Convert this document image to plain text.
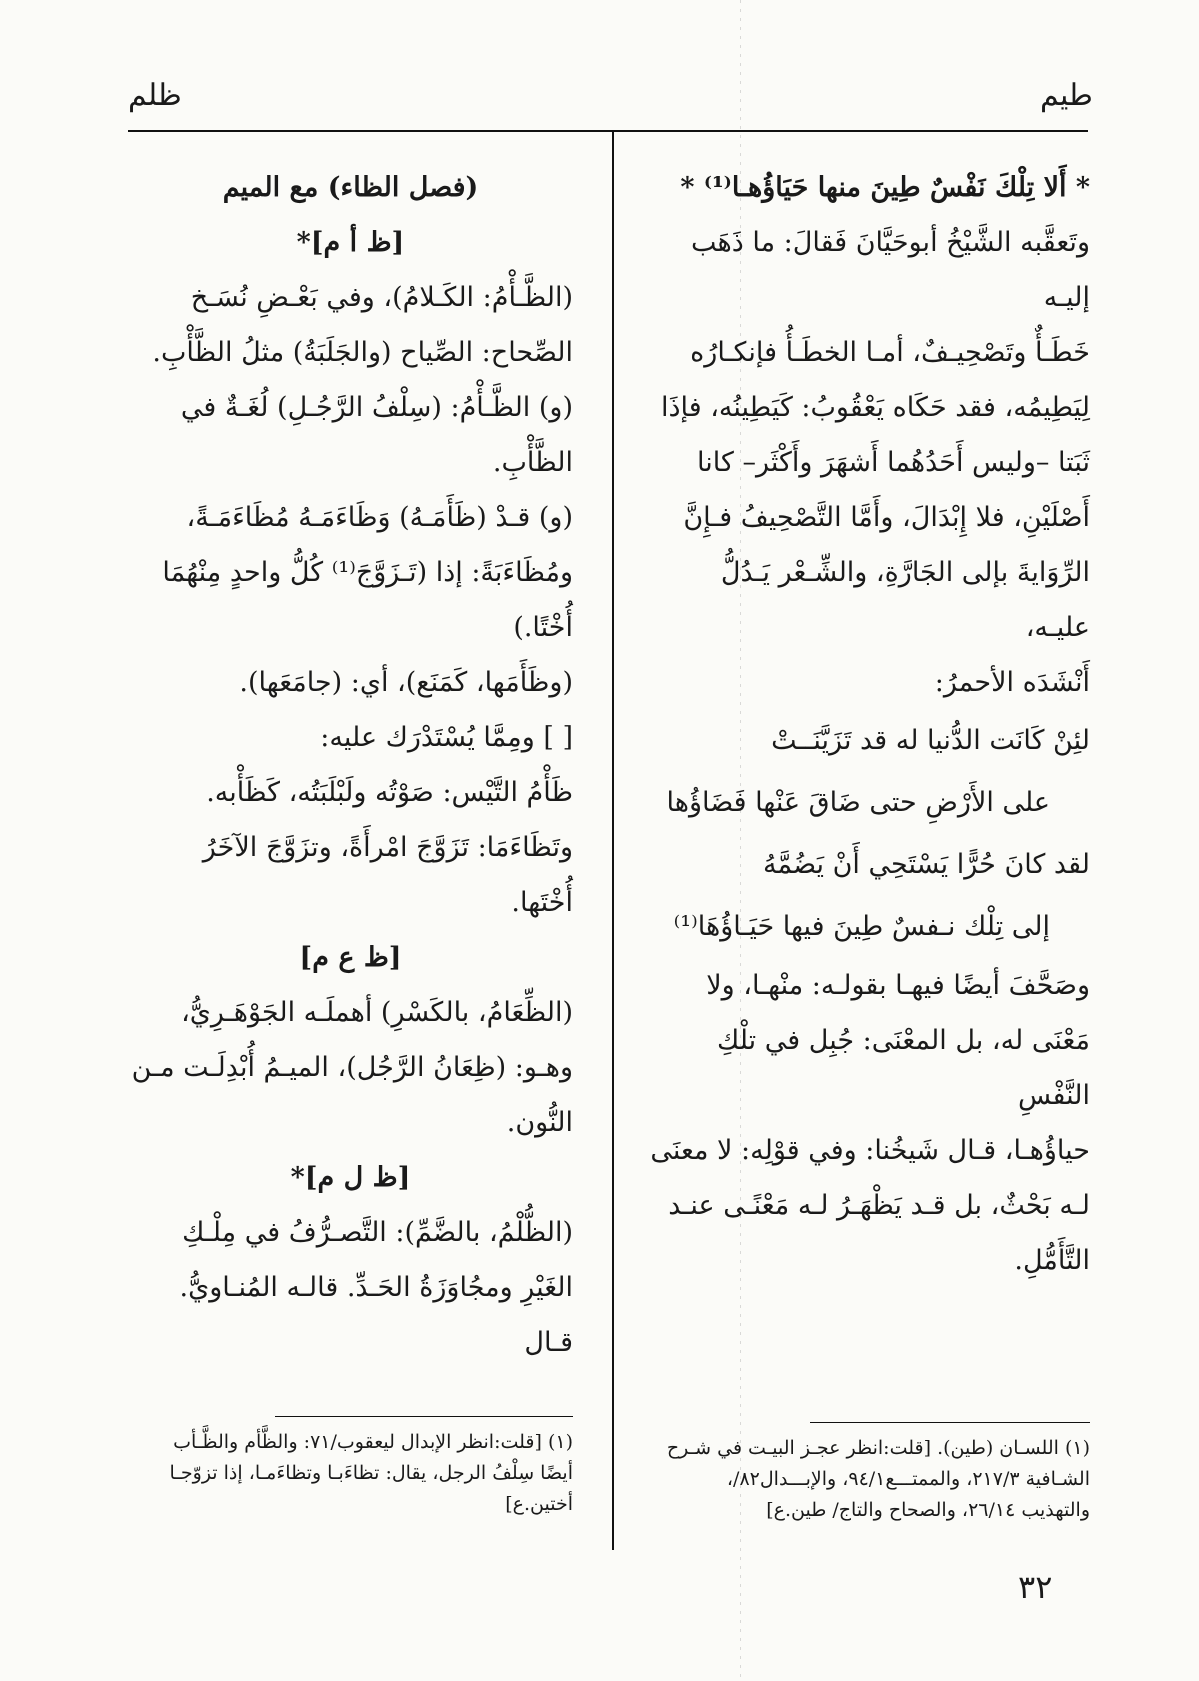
طيم
ظلم

* أَلا تِلْكَ نَفْسٌ طِينَ منها حَيَاؤُهـا⁽¹⁾ *

وتَعقَّبه الشَّيْخُ أبوحَيَّانَ فَقالَ: ما ذَهَب إليـه

خَطَـأٌ وتَصْحِيـفٌ، أمـا الخطَـأُ فإنكـارُه

لِيَطِيمُه، فقد حَكَاه يَعْقُوبُ: كَيَطِينُه، فإذَا

ثَبَتا –وليس أَحَدُهُما أَشهَرَ وأَكْثَر– كانا

أَصْلَيْنِ، فلا إِبْدَالَ، وأَمَّا التَّصْحِيفُ فـإِنَّ

الرِّوَايةَ بإلى الجَارَّةِ، والشِّـعْر يَـدُلُّ عليـه،

أَنْشَدَه الأحمرُ:

لئِنْ كَانَت الدُّنيا له قد تَزَيَّنَــتْ

على الأَرْضِ حتى ضَاقَ عَنْها فَضَاؤُها

لقد كانَ حُرًّا يَسْتَحِي أَنْ يَضُمَّهُ

إلى تِلْك نـفسٌ طِينَ فيها حَيَـاؤُهَا⁽¹⁾

وصَحَّفَ أيضًا فيهـا بقولـه: منْهـا، ولا

مَعْنَى له، بل المعْنَى: جُبِل في تلْكِ النَّفْسِ

حياؤُهـا، قـال شَيخُنا: وفي قوْلِه: لا معنَى

لـه بَحْثٌ، بل قـد يَظْهَـرُ لـه مَعْنًـى عنـد

التَّأَمُّلِ.

(١) اللسـان (طين). [قلت:انظر عجـز البيـت في شـرح
الشـافية ٢١٧/٣، والممتـــع٩٤/١، والإبـــدال٨٢/،
والتهذيب ٢٦/١٤، والصحاح والتاج/ طين.ع]

(فصل الظاء) مع الميم

[ظ أ م]*

(الظَّـأْمُ: الكَـلامُ)، وفي بَعْـضِ نُسَـخ

الصِّحاح: الصِّياح (والجَلَبَةُ) مثلُ الظَّأْبِ.

(و) الظَّـأْمُ: (سِلْفُ الرَّجُـلِ) لُغَـةٌ في

الظَّأْبِ.

(و) قـدْ (ظَأَمَـهُ) وَظَاءَمَـهُ مُظَاءَمَـةً،

ومُظَاءَبَةً: إذا (تَـزَوَّجَ⁽¹⁾ كُلُّ واحدٍ مِنْهُمَا

أُخْتًا.)

(وظَأَمَها، كَمَنَع)، أي: (جامَعَها).

[ ] ومِمَّا يُسْتَدْرَك عليه:

ظَأْمُ التَّيْس: صَوْتُه ولَبْلَبَتُه، كَظَأْبه.

وتَظَاءَمَا: تَزَوَّجَ امْرأَةً، وتزَوَّجَ الآخَرُ

أُخْتَها.

[ظ ع م]

(الظِّعَامُ، بالكَسْرِ) أهملَـه الجَوْهَـرِيُّ،

وهـو: (ظِعَانُ الرَّجُل)، الميـمُ أُبْدِلَـت مـن

النُّون.

[ظ ل م]*

(الظُّلْمُ، بالضَّمِّ): التَّصـرُّفُ في مِلْـكِ

الغَيْرِ ومجُاوَزَةُ الحَـدِّ. قالـه المُنـاويُّ. قـال

(١) [قلت:انظر الإبدال ليعقوب/٧١: والظَّأم والظَّـأب
أيضًا سِلْفُ الرجل، يقال: تظاءَبـا وتظاءَمـا، إذا تزوّجـا
أختين.ع]
٣٢
